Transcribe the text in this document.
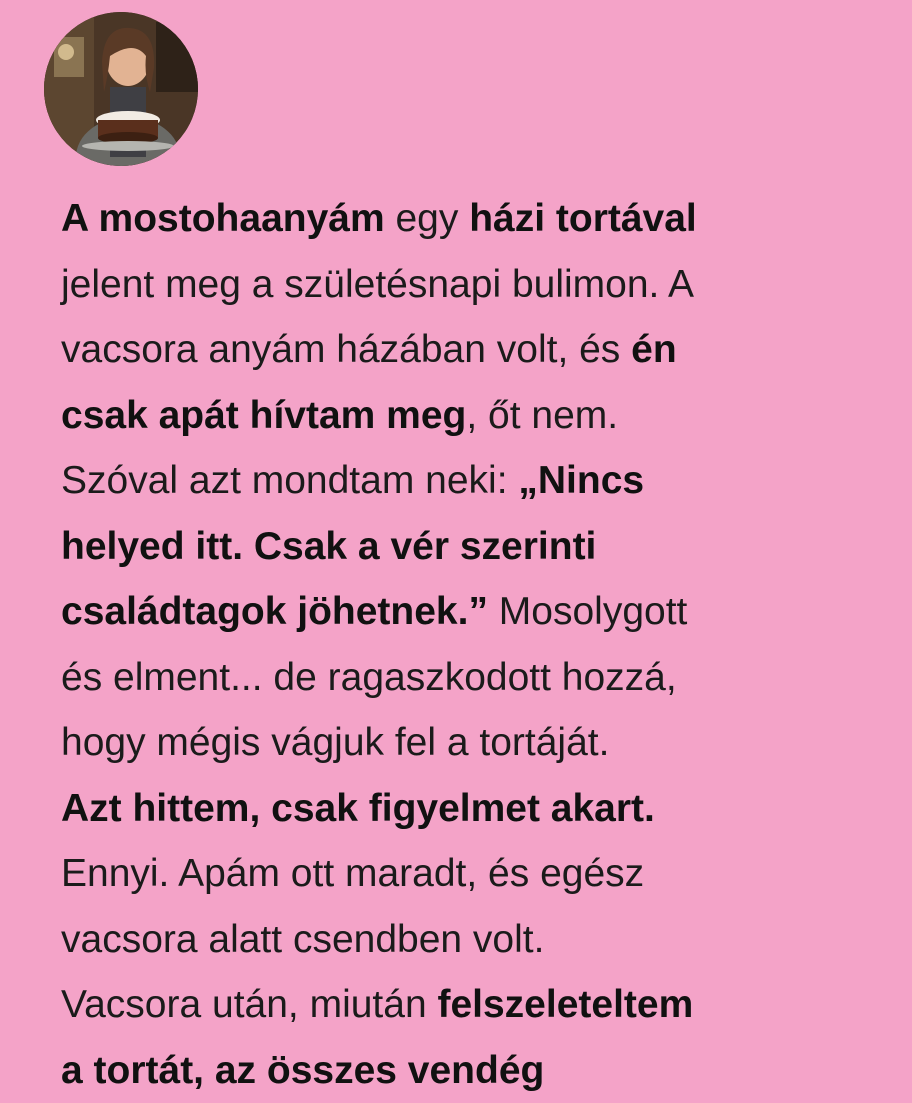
A mostohaanyám egy házi tortával
jelent meg a születésnapi bulimon. A
vacsora anyám házában volt, és én
csak apát hívtam meg, őt nem.
Szóval azt mondtam neki: „Nincs
helyed itt. Csak a vér szerinti
családtagok jöhetnek.” Mosolygott
és elment... de ragaszkodott hozzá,
hogy mégis vágjuk fel a tortáját.
Azt hittem, csak figyelmet akart.
Ennyi. Apám ott maradt, és egész
vacsora alatt csendben volt.
Vacsora után, miután felszeleteltem
a tortát, az összes vendég
